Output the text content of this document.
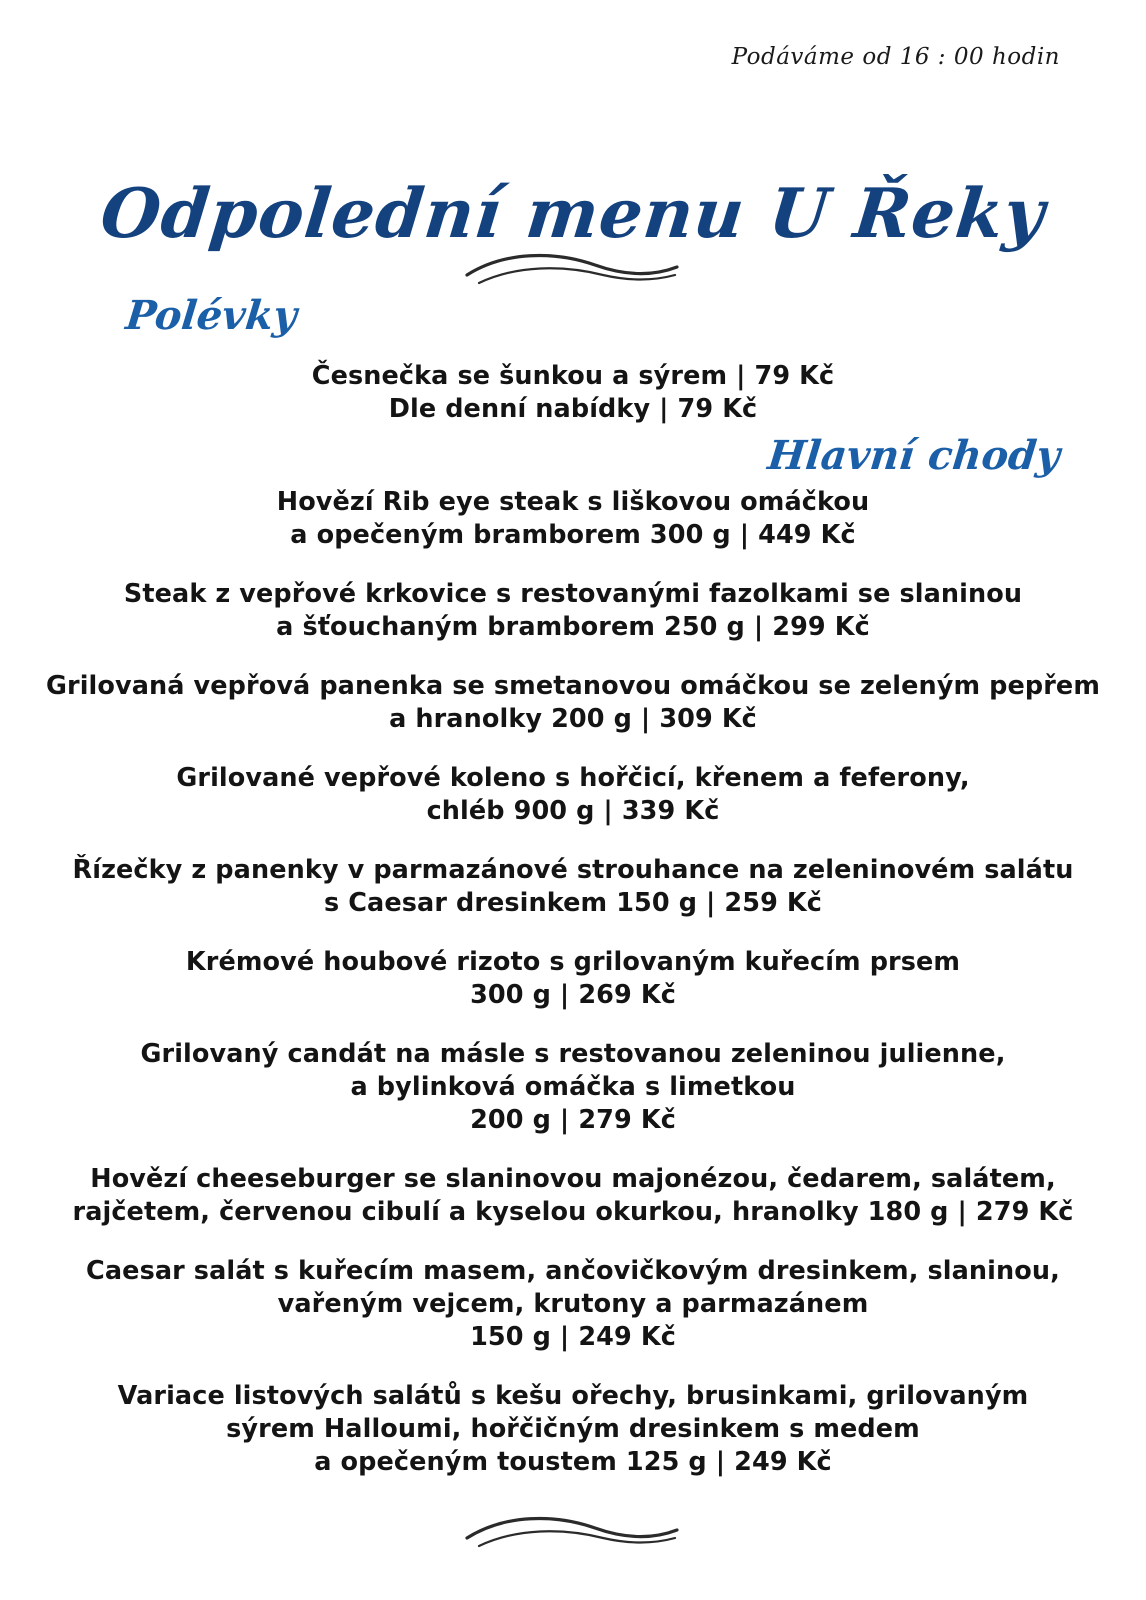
Podáváme od 16 : 00 hodin
Odpolední menu U Řeky
Polévky
Česnečka se šunkou a sýrem | 79 Kč
Dle denní nabídky | 79 Kč
Hlavní chody
Hovězí Rib eye steak s liškovou omáčkou
a opečeným bramborem 300 g | 449 Kč
Steak z vepřové krkovice s restovanými fazolkami se slaninou
a šťouchaným bramborem 250 g | 299 Kč
Grilovaná vepřová panenka se smetanovou omáčkou se zeleným pepřem
a hranolky 200 g | 309 Kč
Grilované vepřové koleno s hořčicí, křenem a feferony,
chléb 900 g | 339 Kč
Řízečky z panenky v parmazánové strouhance na zeleninovém salátu
s Caesar dresinkem 150 g | 259 Kč
Krémové houbové rizoto s grilovaným kuřecím prsem
300 g | 269 Kč
Grilovaný candát na másle s restovanou zeleninou julienne,
a bylinková omáčka s limetkou
200 g | 279 Kč
Hovězí cheeseburger se slaninovou majonézou, čedarem, salátem,
rajčetem, červenou cibulí a kyselou okurkou, hranolky 180 g | 279 Kč
Caesar salát s kuřecím masem, ančovičkovým dresinkem, slaninou,
vařeným vejcem, krutony a parmazánem
150 g | 249 Kč
Variace listových salátů s kešu ořechy, brusinkami, grilovaným
sýrem Halloumi, hořčičným dresinkem s medem
a opečeným toustem 125 g | 249 Kč
